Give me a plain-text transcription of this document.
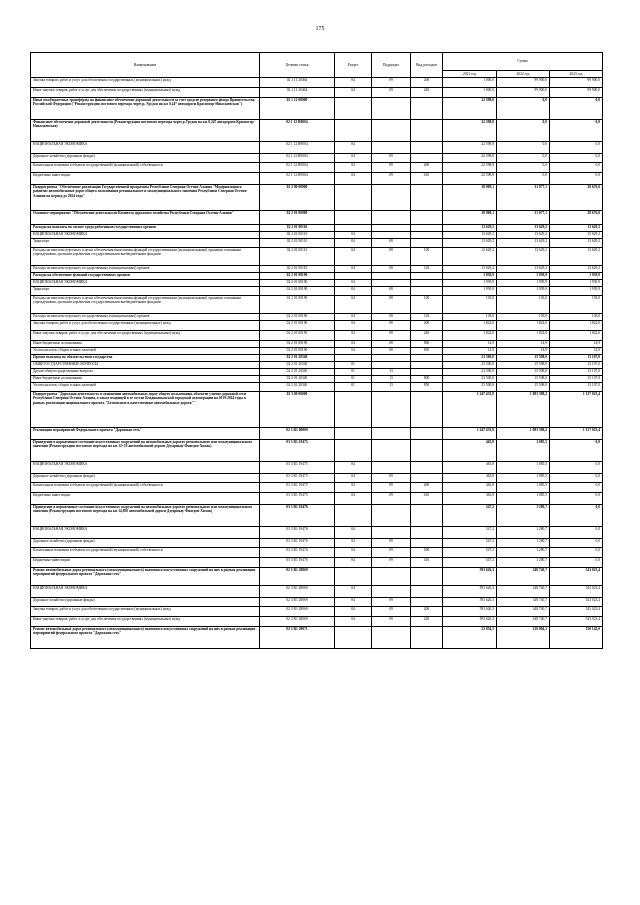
175
Наименование	Целевая статья	Раздел	Подраздел	Вид расходов	Сумма		
					2021 год	2022 год	2023 год
Закупка товаров, работ и услуг для обеспечения государственных (муниципальных) нужд	02 1 11 20464	04	09	200	1 000,0	99 900,0	99 900,0
Иные закупки товаров, работ и услуг для обеспечения государственных (муниципальных) нужд	02 1 11 20464	04	09	240	1 000,0	99 900,0	99 900,0
Иные межбюджетные трансферты на финансовое обеспечение дорожной деятельности за счет средств резервного фонда Правительства Российской Федерации ("Реконструкция мостового перехода через р. Урсдон на км 0,24* автодороги Красногор-Николаевская")	02 1 12 00000				22 598,8	0,0	0,0
Финансовое обеспечение дорожной деятельности (Реконструкция мостового перехода через р.Урсдон на км 0,247 автодороги Красногор-Николаевская)	02 1 12 R9004				22 598,8	0,0	0,0
НАЦИОНАЛЬНАЯ ЭКОНОМИКА	02 1 12 R9004	04			22 598,8	0,0	0,0
Дорожное хозяйство (дорожные фонды)	02 1 12 R9004	04	09		22 598,8	0,0	0,0
Капитальные вложения в объекты государственной (муниципальной) собственности	02 1 12 R9004	04	09	400	22 598,8	0,0	0,0
Бюджетные инвестиции	02 1 12 R9004	04	09	410	22 598,8	0,0	0,0
Подпрограмма "Обеспечение реализации Государственной программы Республики Северная Осетия-Алания "Модернизация и развитие автомобильных дорог общего пользования регионального и межмуниципального значения Республики Северная Осетия-Алания на период до 2024 года"	02 2 00 00000				38 069,1	31 077,1	28 676,0
Основное мероприятие "Обеспечение деятельности Комитета дорожного хозяйства Республики Северная Осетия-Алания"	02 2 01 00000				38 069,1	31 077,1	28 676,0
Расходы на выплаты по оплате труда работников государственных органов	02 2 01 00110				13 629,2	13 629,2	13 629,2
НАЦИОНАЛЬНАЯ ЭКОНОМИКА	02 2 01 00110	04			13 629,2	13 629,2	13 629,2
Транспорт	02 2 01 00110	04	08		13 629,2	13 629,2	13 629,2
Расходы на выплаты персоналу в целях обеспечения выполнения функций государственными (муниципальными) органами, казенными учреждениями, органами управления государственными внебюджетными фондами	02 2 01 00110	04	08	100	13 629,2	13 629,2	13 629,2
Расходы на выплаты персоналу государственных (муниципальных) органов	02 2 01 00110	04	08	120	13 629,2	13 629,2	13 629,2
Расходы на обеспечение функций государственных органов	02 2 01 00190				1 939,9	1 939,9	1 939,9
НАЦИОНАЛЬНАЯ ЭКОНОМИКА	02 2 01 00190	04			1 939,9	1 939,9	1 939,9
Транспорт	02 2 01 00190	04	08		1 939,9	1 939,9	1 939,9
Расходы на выплаты персоналу в целях обеспечения выполнения функций государственными (муниципальными) органами, казенными учреждениями, органами управления государственными внебюджетными фондами	02 2 01 00190	04	08	100	103,0	103,0	103,0
Расходы на выплаты персоналу государственных (муниципальных) органов	02 2 01 00190	04	08	120	103,0	103,0	103,0
Закупка товаров, работ и услуг для обеспечения государственных (муниципальных) нужд	02 2 01 00190	04	08	200	1 822,0	1 822,0	1 822,0
Иные закупки товаров, работ и услуг для обеспечения государственных (муниципальных) нужд	02 2 01 00190	04	08	240	1 822,0	1 822,0	1 822,0
Иные бюджетные ассигнования	02 2 01 00190	04	08	800	14,9	14,9	14,9
Уплата налогов, сборов и иных платежей	02 2 01 00190	04	08	850	14,9	14,9	14,9
Прочие выплаты по обязательствам государства	02 2 01 20340				23 500,0	15 508,0	13 107,0
ОБЩЕГОСУДАРСТВЕННЫЕ ВОПРОСЫ	02 2 01 20340	01			23 500,0	15 508,0	13 107,0
Другие общегосударственные вопросы	02 2 01 20340	01	13		23 500,0	15 508,0	13 107,0
Иные бюджетные ассигнования	02 2 01 20340	01	13	800	23 500,0	15 508,0	13 107,0
Уплата налогов, сборов и иных платежей	02 2 01 20340	01	13	850	23 500,0	15 508,0	13 107,0
Подпрограмма "Дорожная деятельность в отношении автомобильных дорог общего пользования, объектов улично-дорожной сети Республики Северная Осетия-Алания, а также входящей в ее состав Владикавказской городской агломерации на 2019-2024 годы в рамках реализации национального проекта "Безопасные и качественные автомобильные дороги""	02 3 00 00000				1 247 433,8	1 083 398,2	1 137 023,4
Реализация мероприятий Федерального проекта "Дорожная сеть"	02 3 R1 00000				1 247 433,8	1 083 398,2	1 137 023,4
Приведение в нормативное состояние искусственных сооружений на автомобильных дорогах регионального или межмуниципального значения (Реконструкция мостового перехода на км 12+19 автомобильной дороги Дзуарикау-Фиагдон-Хилак)	03 3 R1 19475				463,8	1 085,5	0,0
НАЦИОНАЛЬНАЯ ЭКОНОМИКА	03 3 R1 19475	04			463,8	1 085,5	0,0
Дорожное хозяйство (дорожные фонды)	03 3 R1 19475	04	09		463,8	1 085,5	0,0
Капитальные вложения в объекты государственной (муниципальной) собственности	03 3 R1 19475	04	09	400	463,8	1 085,5	0,0
Бюджетные инвестиции	03 3 R1 19475	04	09	410	463,8	1 085,5	0,0
Приведение в нормативное состояние искусственных сооружений на автомобильных дорогах регионального или межмуниципального значения (Реконструкция мостового перехода на км 14,850 автомобильной дороги Дзуарикау-Фиагдон-Хилак)	03 3 R1 19476				547,2	1 280,7	0,0
НАЦИОНАЛЬНАЯ ЭКОНОМИКА	03 3 R1 19476	04			547,2	1 280,7	0,0
Дорожное хозяйство (дорожные фонды)	03 3 R1 19476	04	09		547,2	1 280,7	0,0
Капитальные вложения в объекты государственной (муниципальной) собственности	03 3 R1 19476	04	09	400	547,2	1 280,7	0,0
Бюджетные инвестиции	03 3 R1 19476	04	09	410	547,2	1 280,7	0,0
Ремонт автомобильных дорог регионального (межмуниципального) значения и искусственных сооружений на них в рамках реализации мероприятий федерального проекта "Дорожная сеть"	02 3 R1 28069				593 626,3	348 740,7	543 023,4
НАЦИОНАЛЬНАЯ ЭКОНОМИКА	02 3 R1 28069	04			593 626,3	348 740,7	543 023,4
Дорожное хозяйство (дорожные фонды)	02 3 R1 28069	04	09		593 626,3	348 740,7	543 023,4
Закупка товаров, работ и услуг для обеспечения государственных (муниципальных) нужд	02 3 R1 28069	04	09	200	593 626,3	348 740,7	543 023,4
Иные закупки товаров, работ и услуг для обеспечения государственных (муниципальных) нужд	02 3 R1 28069	04	09	240	593 626,3	348 740,7	543 023,4
Ремонт автомобильных дорог регионального (межмуниципального) значения и искусственных сооружений на них в рамках реализации мероприятий федерального проекта "Дорожная сеть"	02 3 R1 28071				52 054,5	210 904,3	150 142,0
